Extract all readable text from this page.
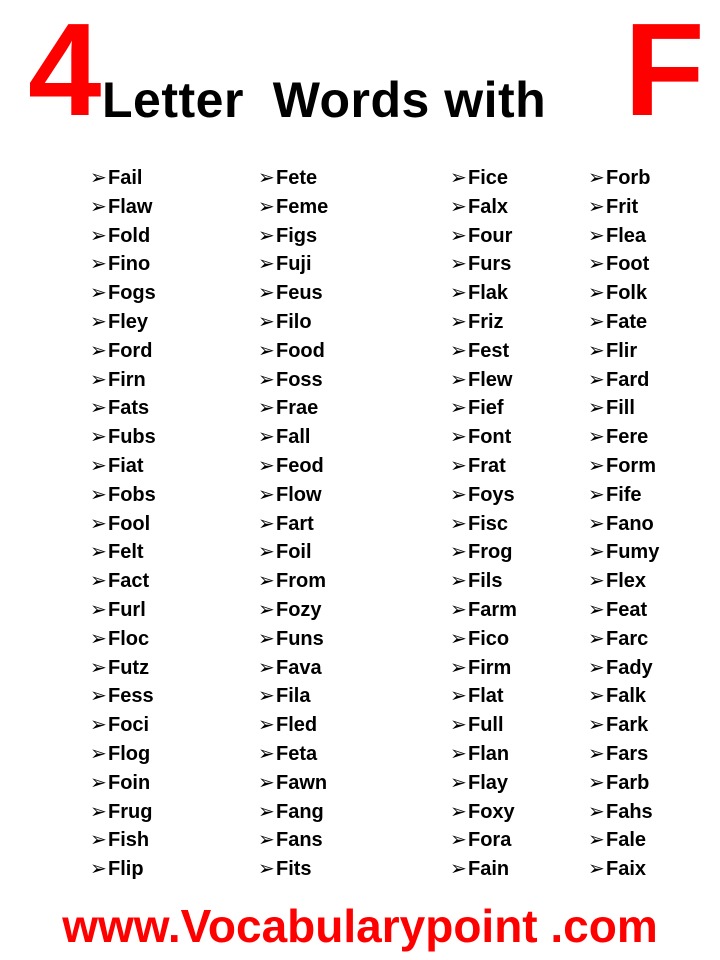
4 Letter  Words with F
➢Fail
➢Flaw
➢Fold
➢Fino
➢Fogs
➢Fley
➢Ford
➢Firn
➢Fats
➢Fubs
➢Fiat
➢Fobs
➢Fool
➢Felt
➢Fact
➢Furl
➢Floc
➢Futz
➢Fess
➢Foci
➢Flog
➢Foin
➢Frug
➢Fish
➢Flip
➢Fete
➢Feme
➢Figs
➢Fuji
➢Feus
➢Filo
➢Food
➢Foss
➢Frae
➢Fall
➢Feod
➢Flow
➢Fart
➢Foil
➢From
➢Fozy
➢Funs
➢Fava
➢Fila
➢Fled
➢Feta
➢Fawn
➢Fang
➢Fans
➢Fits
➢Fice
➢Falx
➢Four
➢Furs
➢Flak
➢Friz
➢Fest
➢Flew
➢Fief
➢Font
➢Frat
➢Foys
➢Fisc
➢Frog
➢Fils
➢Farm
➢Fico
➢Firm
➢Flat
➢Full
➢Flan
➢Flay
➢Foxy
➢Fora
➢Fain
➢Forb
➢Frit
➢Flea
➢Foot
➢Folk
➢Fate
➢Flir
➢Fard
➢Fill
➢Fere
➢Form
➢Fife
➢Fano
➢Fumy
➢Flex
➢Feat
➢Farc
➢Fady
➢Falk
➢Fark
➢Fars
➢Farb
➢Fahs
➢Fale
➢Faix
www.Vocabularypoint .com
